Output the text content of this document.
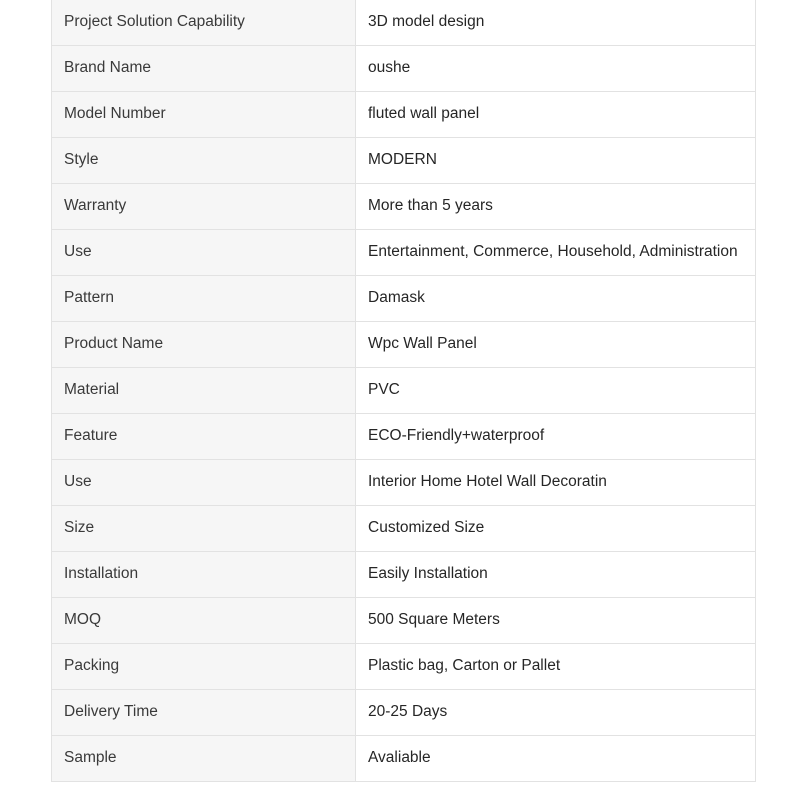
Project Solution Capability	3D model design
Brand Name	oushe
Model Number	fluted wall panel
Style	MODERN
Warranty	More than 5 years
Use	Entertainment, Commerce, Household, Administration
Pattern	Damask
Product Name	Wpc Wall Panel
Material	PVC
Feature	ECO-Friendly+waterproof
Use	Interior Home Hotel Wall Decoratin
Size	Customized Size
Installation	Easily Installation
MOQ	500 Square Meters
Packing	Plastic bag, Carton or Pallet
Delivery Time	20-25 Days
Sample	Avaliable
